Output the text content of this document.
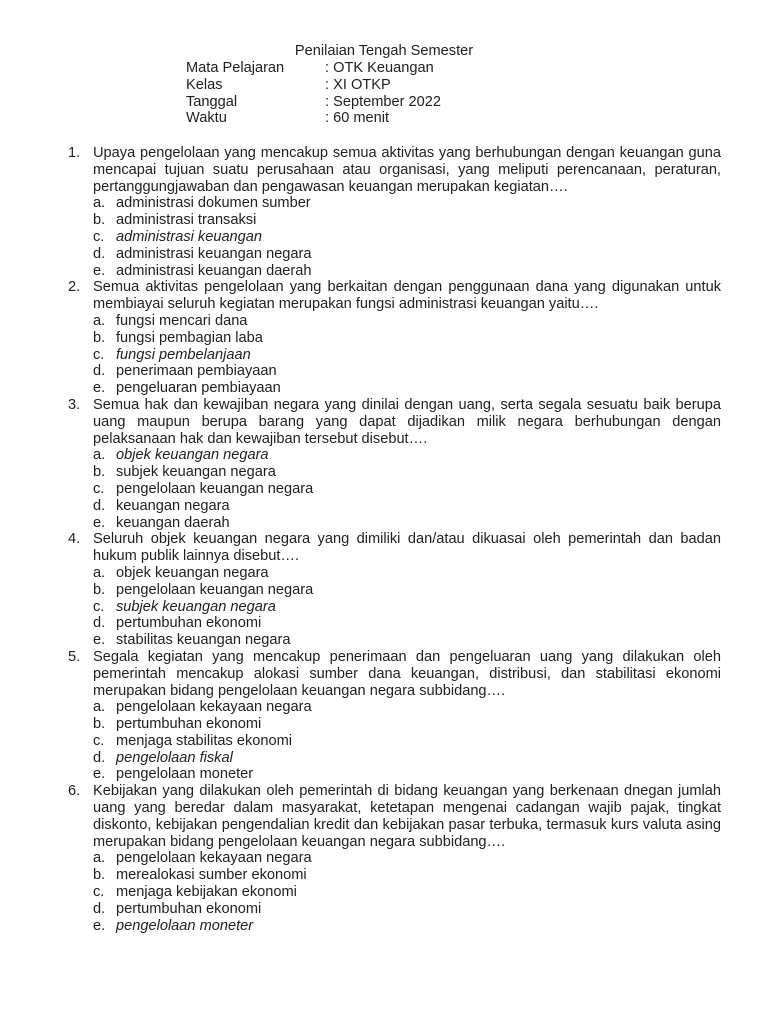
Penilaian Tengah Semester
Mata Pelajaran	: OTK Keuangan
Kelas	: XI OTKP
Tanggal	: September 2022
Waktu	: 60 menit
1. Upaya pengelolaan yang mencakup semua aktivitas yang berhubungan dengan keuangan guna mencapai tujuan suatu perusahaan atau organisasi, yang meliputi perencanaan, peraturan, pertanggungjawaban dan pengawasan keuangan merupakan kegiatan….
a. administrasi dokumen sumber
b. administrasi transaksi
c. administrasi keuangan
d. administrasi keuangan negara
e. administrasi keuangan daerah
2. Semua aktivitas pengelolaan yang berkaitan dengan penggunaan dana yang digunakan untuk membiayai seluruh kegiatan merupakan fungsi administrasi keuangan yaitu….
a. fungsi mencari dana
b. fungsi pembagian laba
c. fungsi pembelanjaan
d. penerimaan pembiayaan
e. pengeluaran pembiayaan
3. Semua hak dan kewajiban negara yang dinilai dengan uang, serta segala sesuatu baik berupa uang maupun berupa barang yang dapat dijadikan milik negara berhubungan dengan pelaksanaan hak dan kewajiban tersebut disebut….
a. objek keuangan negara
b. subjek keuangan negara
c. pengelolaan keuangan negara
d. keuangan negara
e. keuangan daerah
4. Seluruh objek keuangan negara yang dimiliki dan/atau dikuasai oleh pemerintah dan badan hukum publik lainnya disebut….
a. objek keuangan negara
b. pengelolaan keuangan negara
c. subjek keuangan negara
d. pertumbuhan ekonomi
e. stabilitas keuangan negara
5. Segala kegiatan yang mencakup penerimaan dan pengeluaran uang yang dilakukan oleh pemerintah mencakup alokasi sumber dana keuangan, distribusi, dan stabilitasi ekonomi merupakan bidang pengelolaan keuangan negara subbidang….
a. pengelolaan kekayaan negara
b. pertumbuhan ekonomi
c. menjaga stabilitas ekonomi
d. pengelolaan fiskal
e. pengelolaan moneter
6. Kebijakan yang dilakukan oleh pemerintah di bidang keuangan yang berkenaan dnegan jumlah uang yang beredar dalam masyarakat, ketetapan mengenai cadangan wajib pajak, tingkat diskonto, kebijakan pengendalian kredit dan kebijakan pasar terbuka, termasuk kurs valuta asing merupakan bidang pengelolaan keuangan negara subbidang….
a. pengelolaan kekayaan negara
b. merealokasi sumber ekonomi
c. menjaga kebijakan ekonomi
d. pertumbuhan ekonomi
e. pengelolaan moneter
